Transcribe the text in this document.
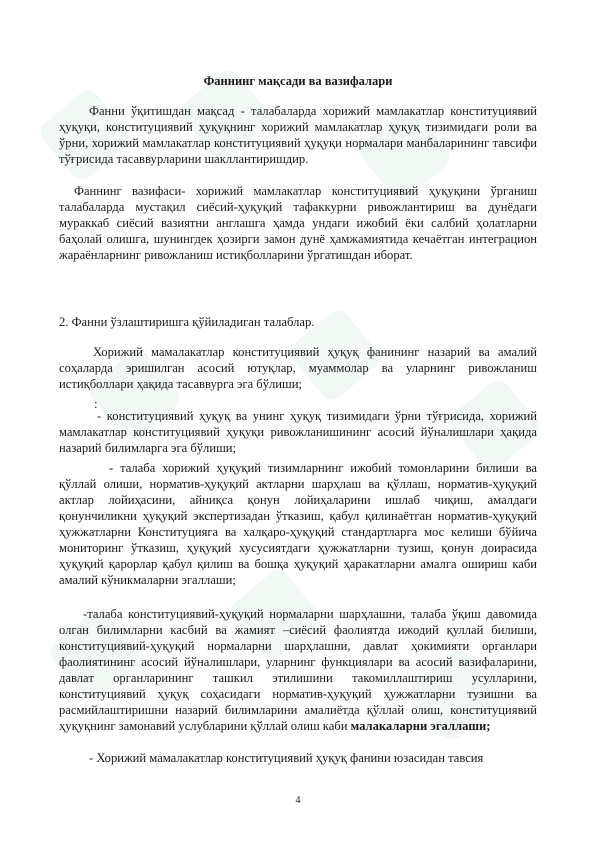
Фаннинг мақсади ва вазифалари

Фанни ўқитишдан мақсад - талабаларда хорижий мамлакатлар конституциявий ҳуқуқи, конституциявий ҳуқуқнинг хорижий мамлакатлар ҳуқуқ тизимидаги роли ва ўрни, хорижий мамлакатлар конституциявий ҳуқуқи нормалари манбаларининг тавсифи тўғрисида тасаввурларини шакллантиришдир.

Фаннинг вазифаси- хорижий мамлакатлар конституциявий ҳуқуқини ўрганиш талабаларда мустақил сиёсий-ҳуқуқий тафаккурни ривожлантириш ва дунёдаги мураккаб сиёсий вазиятни англашга ҳамда ундаги ижобий ёки салбий ҳолатларни баҳолай олишга, шунингдек ҳозирги замон дунё ҳамжамиятида кечаётган интеграцион жараёнларнинг ривожланиш истиқболларини ўргатишдан иборат.

2. Фанни ўзлаштиришга қўйиладиган талаблар.

Хорижий мамалакатлар конституциявий ҳуқуқ фанининг назарий ва амалий соҳаларда эришилган асосий ютуқлар, муаммолар ва уларнинг ривожланиш истиқболлари ҳақида тасаввурга эга бўлиши;

:

- конституциявий ҳуқуқ ва унинг ҳуқуқ тизимидаги ўрни тўғрисида, хорижий мамлакатлар конституциявий ҳуқуқи ривожланишининг асосий йўналишлари ҳақида назарий билимларга эга бўлиши;

- талаба хорижий ҳуқуқий тизимларнинг ижобий томонларини билиши ва қўллай олиши, норматив-ҳуқуқий актларни шарҳлаш ва қўллаш, норматив-ҳуқуқий актлар лойиҳасини, айниқса қонун лойиҳаларини ишлаб чиқиш, амалдаги қонунчиликни ҳуқуқий экспертизадан ўтказиш, қабул қилинаётган норматив-ҳуқуқий ҳужжатларни Конституцияга ва халқаро-ҳуқуқий стандартларга мос келиши бўйича мониторинг ўтказиш, ҳуқуқий хусусиятдаги ҳужжатларни тузиш, қонун доирасида ҳуқуқий қарорлар қабул қилиш ва бошқа ҳуқуқий ҳаракатларни амалга ошириш каби амалий кўникмаларни эгаллаши;

-талаба конституциявий-ҳуқуқий нормаларни шарҳлашни, талаба ўқиш давомида олган билимларни касбий ва жамият –сиёсий фаолиятда ижодий қуллай билиши, конституциявий-ҳуқуқий нормаларни шарҳлашни, давлат ҳокимияти органлари фаолиятининг асосий йўналишлари, уларнинг функциялари ва асосий вазифаларини, давлат органларининг ташкил этилишини такомиллаштириш усулларини, конституциявий ҳуқуқ соҳасидаги норматив-ҳуқуқий ҳужжатларни тузишни ва расмийлаштиришни назарий билимларини амалиётда қўллай олиш, конституциявий ҳуқуқнинг замонавий услубларини қўллай олиш каби малакаларни эгаллаши;

- Хорижий мамалакатлар конституциявий ҳуқуқ фанини юзасидан тавсия

4
